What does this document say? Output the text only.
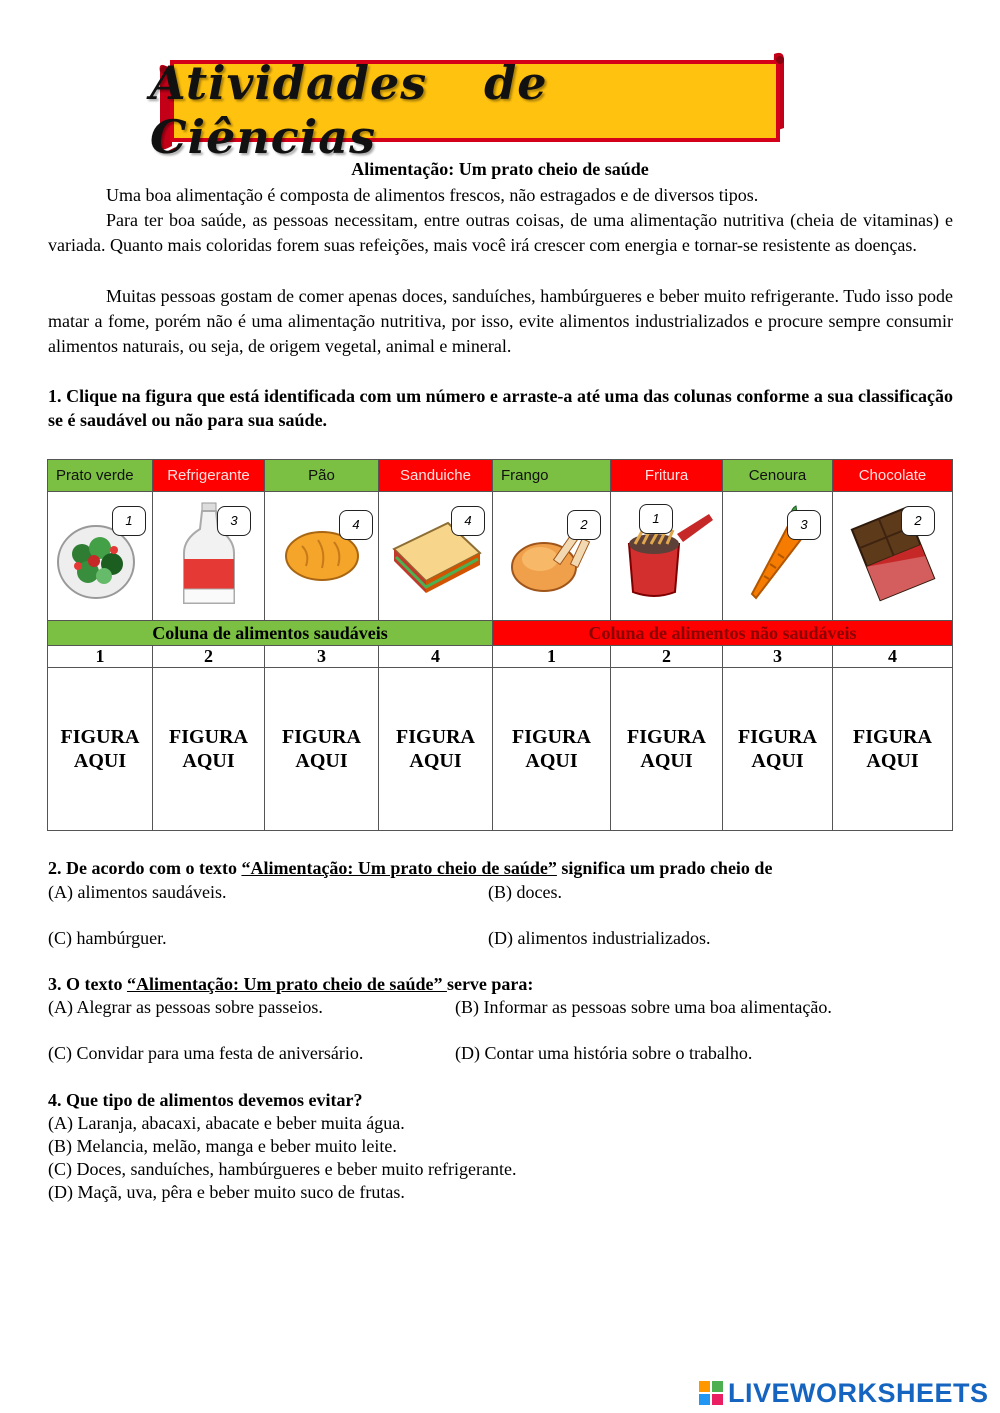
Atividades de Ciências
Alimentação: Um prato cheio de saúde
Uma boa alimentação é composta de alimentos frescos, não estragados e de diversos tipos.
Para ter boa saúde, as pessoas necessitam, entre outras coisas, de uma alimentação nutritiva (cheia de vitaminas) e variada. Quanto mais coloridas forem suas refeições, mais você irá crescer com energia e tornar-se resistente as doenças.
Muitas pessoas gostam de comer apenas doces, sanduíches, hambúrgueres e beber muito refrigerante. Tudo isso pode matar a fome, porém não é uma alimentação nutritiva, por isso, evite alimentos industrializados e procure sempre consumir alimentos naturais, ou seja, de origem vegetal, animal e mineral.
1. Clique na figura que está identificada com um número e arraste-a até uma das colunas conforme a sua classificação se é saudável ou não para sua saúde.
Prato verde	Refrigerante	Pão	Sanduiche	Frango	Fritura	Cenoura	Chocolate

1	3	4	4	2	1	3	2

Coluna de alimentos saudáveis				Coluna de alimentos não saudáveis			
1	2	3	4	1	2	3	4
FIGURA
AQUI	FIGURA
AQUI	FIGURA
AQUI	FIGURA
AQUI	FIGURA
AQUI	FIGURA
AQUI	FIGURA
AQUI	FIGURA
AQUI
2. De acordo com o texto “Alimentação: Um prato cheio de saúde” significa um prado cheio de
(A) alimentos saudáveis.	(B) doces.
(C) hambúrguer.	(D) alimentos industrializados.
3. O texto “Alimentação: Um prato cheio de saúde” serve para:
(A) Alegrar as pessoas sobre passeios.	(B) Informar as pessoas sobre uma boa alimentação.
(C) Convidar para uma festa de aniversário.	(D) Contar uma história sobre o trabalho.
4. Que tipo de alimentos devemos evitar?
(A) Laranja, abacaxi, abacate e beber muita água.
(B) Melancia, melão, manga e beber muito leite.
(C) Doces, sanduíches, hambúrgueres e beber muito refrigerante.
(D) Maçã, uva, pêra e beber muito suco de frutas.
LIVEWORKSHEETS
